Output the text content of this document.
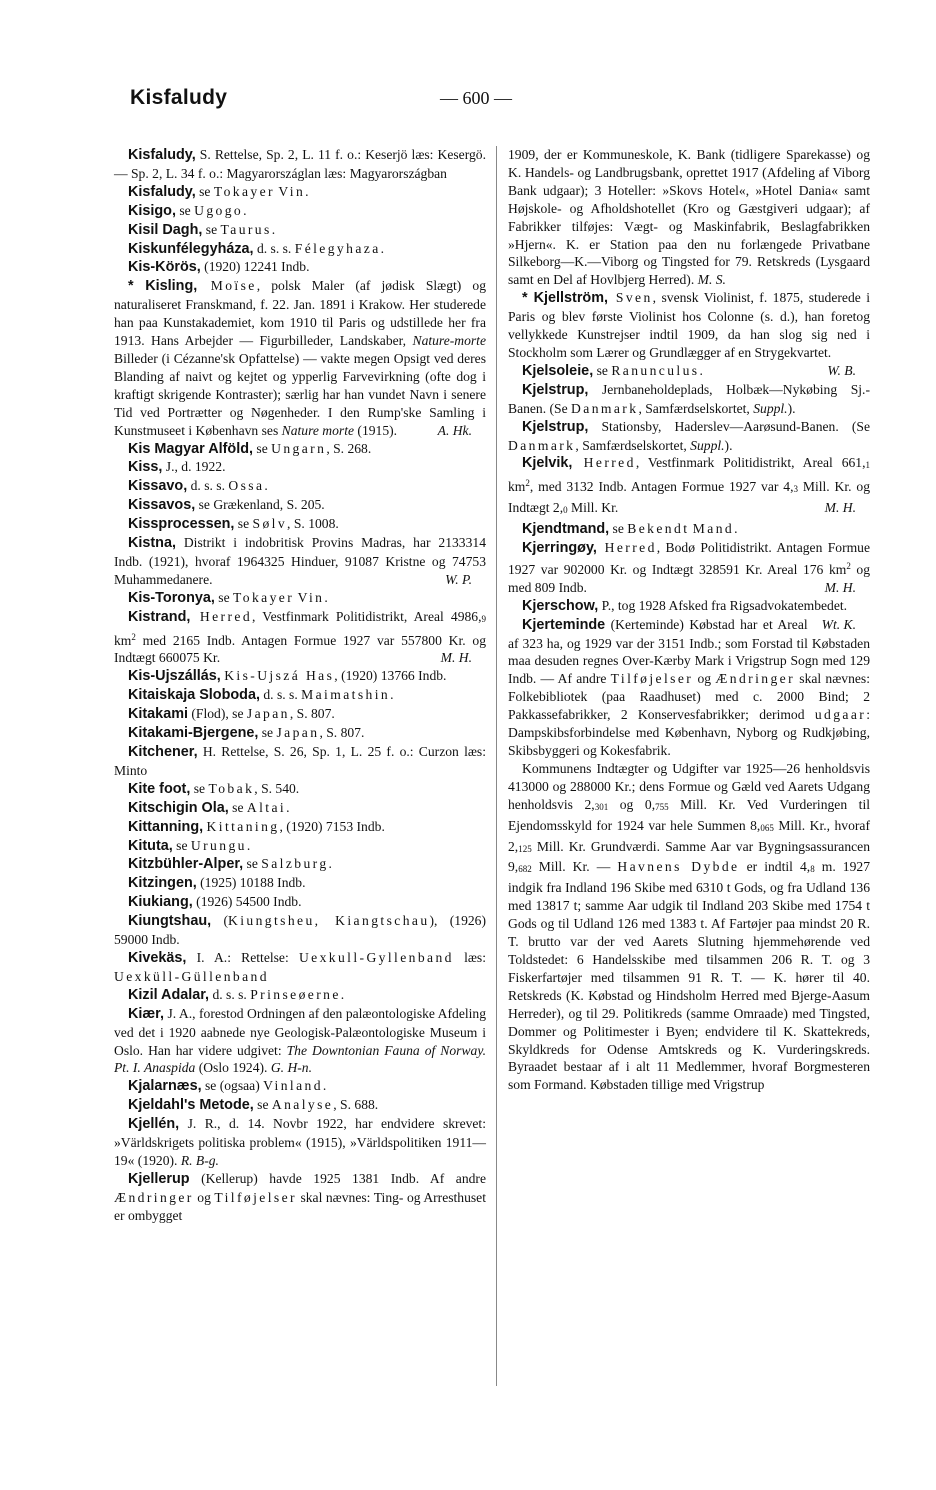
Kisfaludy	— 600 —

Kisfaludy, S. Rettelse, Sp. 2, L. 11 f. o.: Keserjö læs: Kesergö. — Sp. 2, L. 34 f. o.: Magyarországlan læs: Magyarországban

Kisfaludy, se Tokayer Vin.

Kisigo, se Ugogo.

Kisil Dagh, se Taurus.

Kiskunfélegyháza, d. s. s. Félegyhaza.

Kis-Körös, (1920) 12241 Indb.

* Kisling, Moïse, polsk Maler (af jødisk Slægt) og naturaliseret Franskmand, f. 22. Jan. 1891 i Krakow. Her studerede han paa Kunstakademiet, kom 1910 til Paris og udstillede her fra 1913. Hans Arbejder — Figurbilleder, Landskaber, Nature-morte Billeder (i Cézanne'sk Opfattelse) — vakte megen Opsigt ved deres Blanding af naivt og kejtet og ypperlig Farvevirkning (ofte dog i kraftigt skrigende Kontraster); særlig har han vundet Navn i senere Tid ved Portrætter og Nøgenheder. I den Rump'ske Samling i Kunstmuseet i København ses Nature morte (1915).	A. Hk.

Kis Magyar Alföld, se Ungarn, S. 268.

Kiss, J., d. 1922.

Kissavo, d. s. s. Ossa.

Kissavos, se Grækenland, S. 205.

Kissprocessen, se Sølv, S. 1008.

Kistna, Distrikt i indobritisk Provins Madras, har 2133314 Indb. (1921), hvoraf 1964325 Hinduer, 91087 Kristne og 74753 Muhammedanere.	W. P.

Kis-Toronya, se Tokayer Vin.

Kistrand, Herred, Vestfinmark Politidistrikt, Areal 4986,9 $km^2$ med 2165 Indb. Antagen Formue 1927 var 557800 Kr. og Indtægt 660075 Kr.	M. H.

Kis-Ujszállás, Kis-Ujszá Has, (1920) 13766 Indb.

Kitaiskaja Sloboda, d. s. s. Maimatshin.

Kitakami (Flod), se Japan, S. 807.

Kitakami-Bjergene, se Japan, S. 807.

Kitchener, H. Rettelse, S. 26, Sp. 1, L. 25 f. o.: Curzon læs: Minto

Kite foot, se Tobak, S. 540.

Kitschigin Ola, se Altai.

Kittanning, Kittaning, (1920) 7153 Indb.

Kituta, se Urungu.

Kitzbühler-Alper, se Salzburg.

Kitzingen, (1925) 10188 Indb.

Kiukiang, (1926) 54500 Indb.

Kiungtshau, (Kiungtsheu, Kiangtschau), (1926) 59000 Indb.

Kivekäs, I. A.: Rettelse: Uexkull-Gyllenband læs: Uexküll-Güllenband

Kizil Adalar, d. s. s. Prinseøerne.

Kiær, J. A., forestod Ordningen af den palæontologiske Afdeling ved det i 1920 aabnede nye Geologisk-Palæontologiske Museum i Oslo. Han har videre udgivet: The Downtonian Fauna of Norway. Pt. I. Anaspida (Oslo 1924). G. H-n.

Kjalarnæs, se (ogsaa) Vinland.

Kjeldahl's Metode, se Analyse, S. 688.

Kjellén, J. R., d. 14. Novbr 1922, har endvidere skrevet: »Världskrigets politiska problem« (1915), »Världspolitiken 1911—19« (1920). R. B-g.

Kjellerup (Kellerup) havde 1925 1381 Indb. Af andre Ændringer og Tilføjelser skal nævnes: Ting- og Arresthuset er ombygget

1909, der er Kommuneskole, K. Bank (tidligere Sparekasse) og K. Handels- og Landbrugsbank, oprettet 1917 (Afdeling af Viborg Bank udgaar); 3 Hoteller: »Skovs Hotel«, »Hotel Dania« samt Højskole- og Afholdshotellet (Kro og Gæstgiveri udgaar); af Fabrikker tilføjes: Vægt- og Maskinfabrik, Beslagfabrikken »Hjern«. K. er Station paa den nu forlængede Privatbane Silkeborg—K.—Viborg og Tingsted for 79. Retskreds (Lysgaard samt en Del af Hovlbjerg Herred). M. S.

* Kjellström, Sven, svensk Violinist, f. 1875, studerede i Paris og blev første Violinist hos Colonne (s. d.), han foretog vellykkede Kunstrejser indtil 1909, da han slog sig ned i Stockholm som Lærer og Grundlægger af en Strygekvartet.
W. B.

Kjelsoleie, se Ranunculus.

Kjelstrup, Jernbaneholdeplads, Holbæk—Nykøbing Sj.-Banen. (Se Danmark, Samfærdselskortet, Suppl.).

Kjelstrup, Stationsby, Haderslev—Aarøsund-Banen. (Se Danmark, Samfærdselskortet, Suppl.).

Kjelvik, Herred, Vestfinmark Politidistrikt, Areal 661,1 $km^2$, med 3132 Indb. Antagen Formue 1927 var 4,3 Mill. Kr. og Indtægt 2,0 Mill. Kr.	M. H.

Kjendtmand, se Bekendt Mand.

Kjerringøy, Herred, Bodø Politidistrikt. Antagen Formue 1927 var 902000 Kr. og Indtægt 328591 Kr. Areal 176 $km^2$ og med 809 Indb.	M. H.

Kjerschow, P., tog 1928 Afsked fra Rigsadvokatembedet.
Wt. K.

Kjerteminde (Kerteminde) Købstad har et Areal af 323 ha, og 1929 var der 3151 Indb.; som Forstad til Købstaden maa desuden regnes Over-Kærby Mark i Vrigstrup Sogn med 129 Indb. — Af andre Tilføjelser og Ændringer skal nævnes: Folkebibliotek (paa Raadhuset) med c. 2000 Bind; 2 Pakkassefabrikker, 2 Konservesfabrikker; derimod udgaar: Dampskibsforbindelse med København, Nyborg og Rudkjøbing, Skibsbyggeri og Kokesfabrik.

Kommunens Indtægter og Udgifter var 1925—26 henholdsvis 413000 og 288000 Kr.; dens Formue og Gæld ved Aarets Udgang henholdsvis 2,301 og 0,755 Mill. Kr. Ved Vurderingen til Ejendomsskyld for 1924 var hele Summen 8,065 Mill. Kr., hvoraf 2,125 Mill. Kr. Grundværdi. Samme Aar var Bygningsassurancen 9,682 Mill. Kr. — Havnens Dybde er indtil 4,8 m. 1927 indgik fra Indland 196 Skibe med 6310 t Gods, og fra Udland 136 med 13817 t; samme Aar udgik til Indland 203 Skibe med 1754 t Gods og til Udland 126 med 1383 t. Af Fartøjer paa mindst 20 R. T. brutto var der ved Aarets Slutning hjemmehørende ved Toldstedet: 6 Handelsskibe med tilsammen 206 R. T. og 3 Fiskerfartøjer med tilsammen 91 R. T. — K. hører til 40. Retskreds (K. Købstad og Hindsholm Herred med Bjerge-Aasum Herreder), og til 29. Politikreds (samme Omraade) med Tingsted, Dommer og Politimester i Byen; endvidere til K. Skattekreds, Skyldkreds for Odense Amtskreds og K. Vurderingskreds. Byraadet bestaar af i alt 11 Medlemmer, hvoraf Borgmesteren som Formand. Købstaden tillige med Vrigstrup
